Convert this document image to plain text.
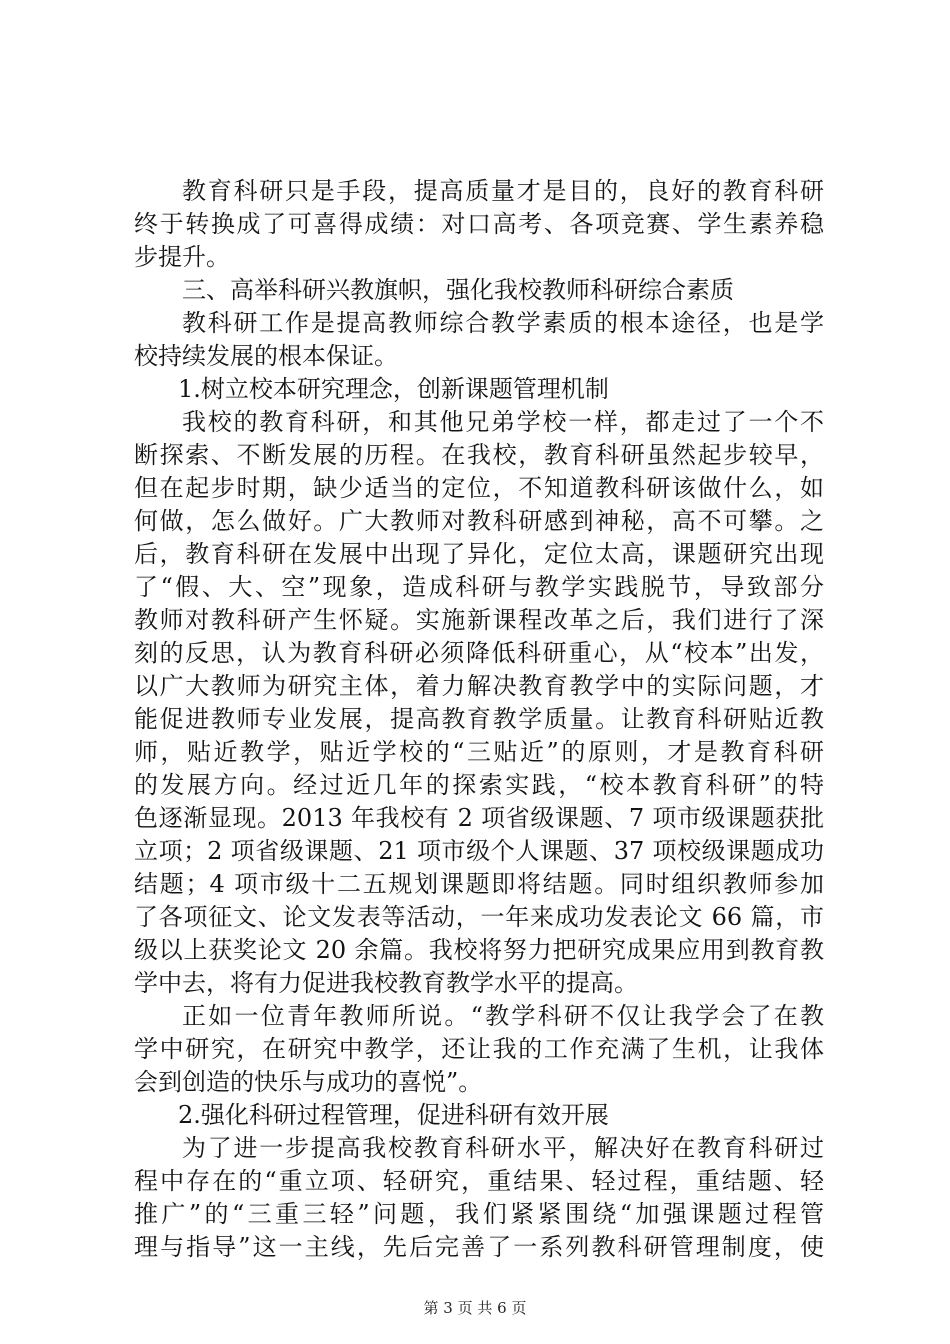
教育科研只是手段，提高质量才是目的，良好的教育科研
终于转换成了可喜得成绩：对口高考、各项竞赛、学生素养稳
步提升。
三、高举科研兴教旗帜，强化我校教师科研综合素质
教科研工作是提高教师综合教学素质的根本途径，也是学
校持续发展的根本保证。
1.树立校本研究理念，创新课题管理机制
我校的教育科研，和其他兄弟学校一样，都走过了一个不
断探索、不断发展的历程。在我校，教育科研虽然起步较早，
但在起步时期，缺少适当的定位，不知道教科研该做什么，如
何做，怎么做好。广大教师对教科研感到神秘，高不可攀。之
后，教育科研在发展中出现了异化，定位太高，课题研究出现
了“假、大、空”现象，造成科研与教学实践脱节，导致部分
教师对教科研产生怀疑。实施新课程改革之后，我们进行了深
刻的反思，认为教育科研必须降低科研重心，从“校本”出发，
以广大教师为研究主体，着力解决教育教学中的实际问题，才
能促进教师专业发展，提高教育教学质量。让教育科研贴近教
师，贴近教学，贴近学校的“三贴近”的原则，才是教育科研
的发展方向。经过近几年的探索实践，“校本教育科研”的特
色逐渐显现。2013 年我校有 2 项省级课题、7 项市级课题获批
立项；2 项省级课题、21 项市级个人课题、37 项校级课题成功
结题；4 项市级十二五规划课题即将结题。同时组织教师参加
了各项征文、论文发表等活动，一年来成功发表论文 66 篇，市
级以上获奖论文 20 余篇。我校将努力把研究成果应用到教育教
学中去，将有力促进我校教育教学水平的提高。
正如一位青年教师所说。“教学科研不仅让我学会了在教
学中研究，在研究中教学，还让我的工作充满了生机，让我体
会到创造的快乐与成功的喜悦”。
2.强化科研过程管理，促进科研有效开展
为了进一步提高我校教育科研水平，解决好在教育科研过
程中存在的“重立项、轻研究，重结果、轻过程，重结题、轻
推广”的“三重三轻”问题，我们紧紧围绕“加强课题过程管
理与指导”这一主线，先后完善了一系列教科研管理制度，使
第 3 页 共 6 页
